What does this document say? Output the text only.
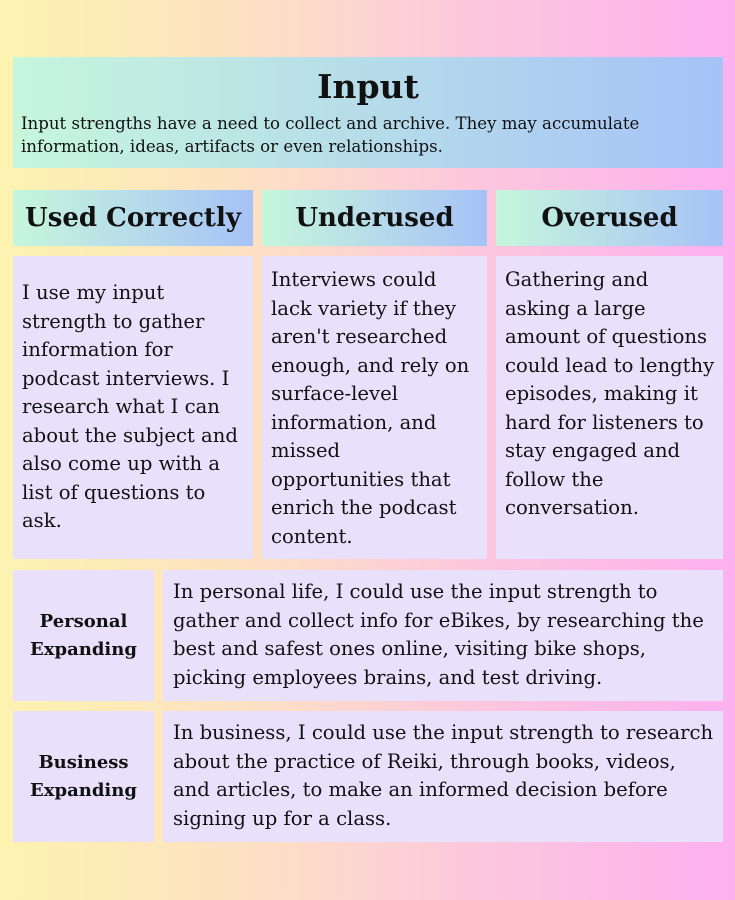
Input
Input strengths have a need to collect and archive. They may accumulate information, ideas, artifacts or even relationships.
Used Correctly	Underused	Overused
I use my input strength to gather information for podcast interviews. I research what I can about the subject and also come up with a list of questions to ask.
Interviews could lack variety if they aren't researched enough, and rely on surface-level information, and missed opportunities that enrich the podcast content.
Gathering and asking a large amount of questions could lead to lengthy episodes, making it hard for listeners to stay engaged and follow the conversation.
Personal Expanding
In personal life, I could use the input strength to gather and collect info for eBikes, by researching the best and safest ones online, visiting bike shops, picking employees brains, and test driving.
Business Expanding
In business, I could use the input strength to research about the practice of Reiki, through books, videos, and articles, to make an informed decision before signing up for a class.
